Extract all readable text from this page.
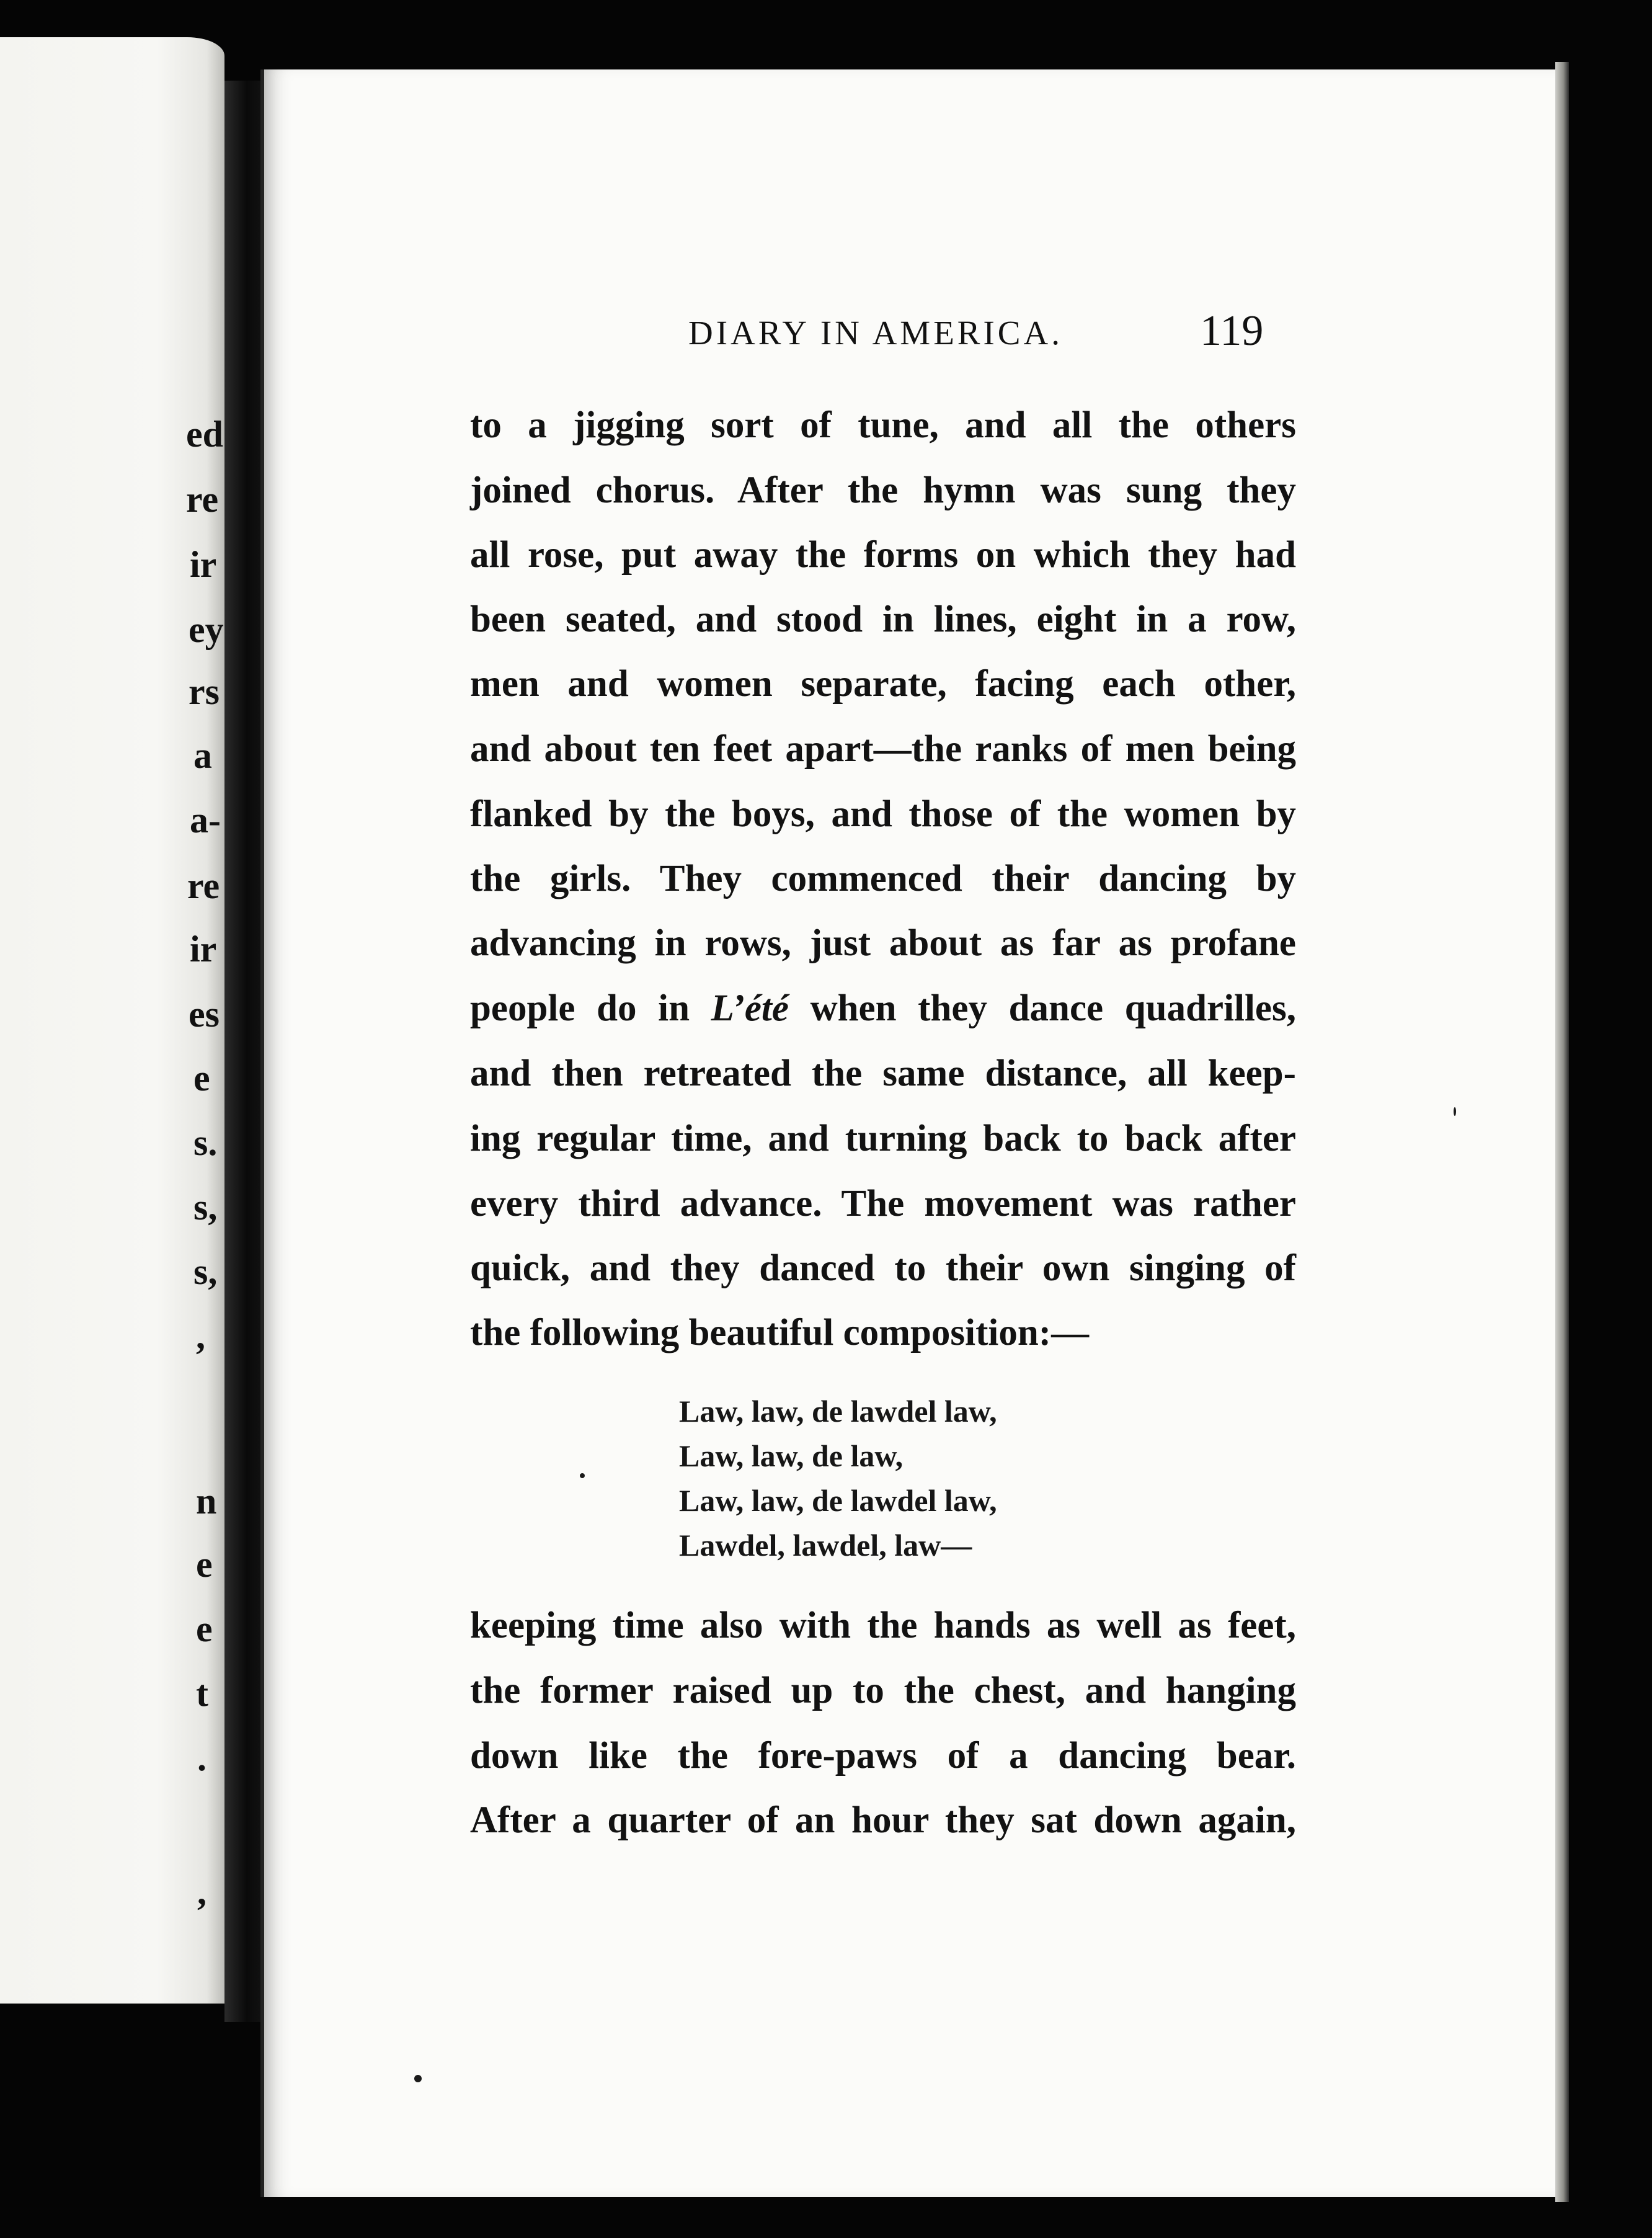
ed
re
ir
ey
rs
a
a-
re
ir
es
e
s.
s,
s,
,
n
e
e
t
.
,
DIARY IN AMERICA.	119
to a jigging sort of tune, and all the others
joined chorus. After the hymn was sung they
all rose, put away the forms on which they had
been seated, and stood in lines, eight in a row,
men and women separate, facing each other,
and about ten feet apart—the ranks of men being
flanked by the boys, and those of the women by
the girls. They commenced their dancing by
advancing in rows, just about as far as profane
people do in L’été when they dance quadrilles,
and then retreated the same distance, all keep-
ing regular time, and turning back to back after
every third advance. The movement was rather
quick, and they danced to their own singing of
the following beautiful composition:—
Law, law, de lawdel law,
Law, law, de law,
Law, law, de lawdel law,
Lawdel, lawdel, law—
keeping time also with the hands as well as feet,
the former raised up to the chest, and hanging
down like the fore-paws of a dancing bear.
After a quarter of an hour they sat down again,
